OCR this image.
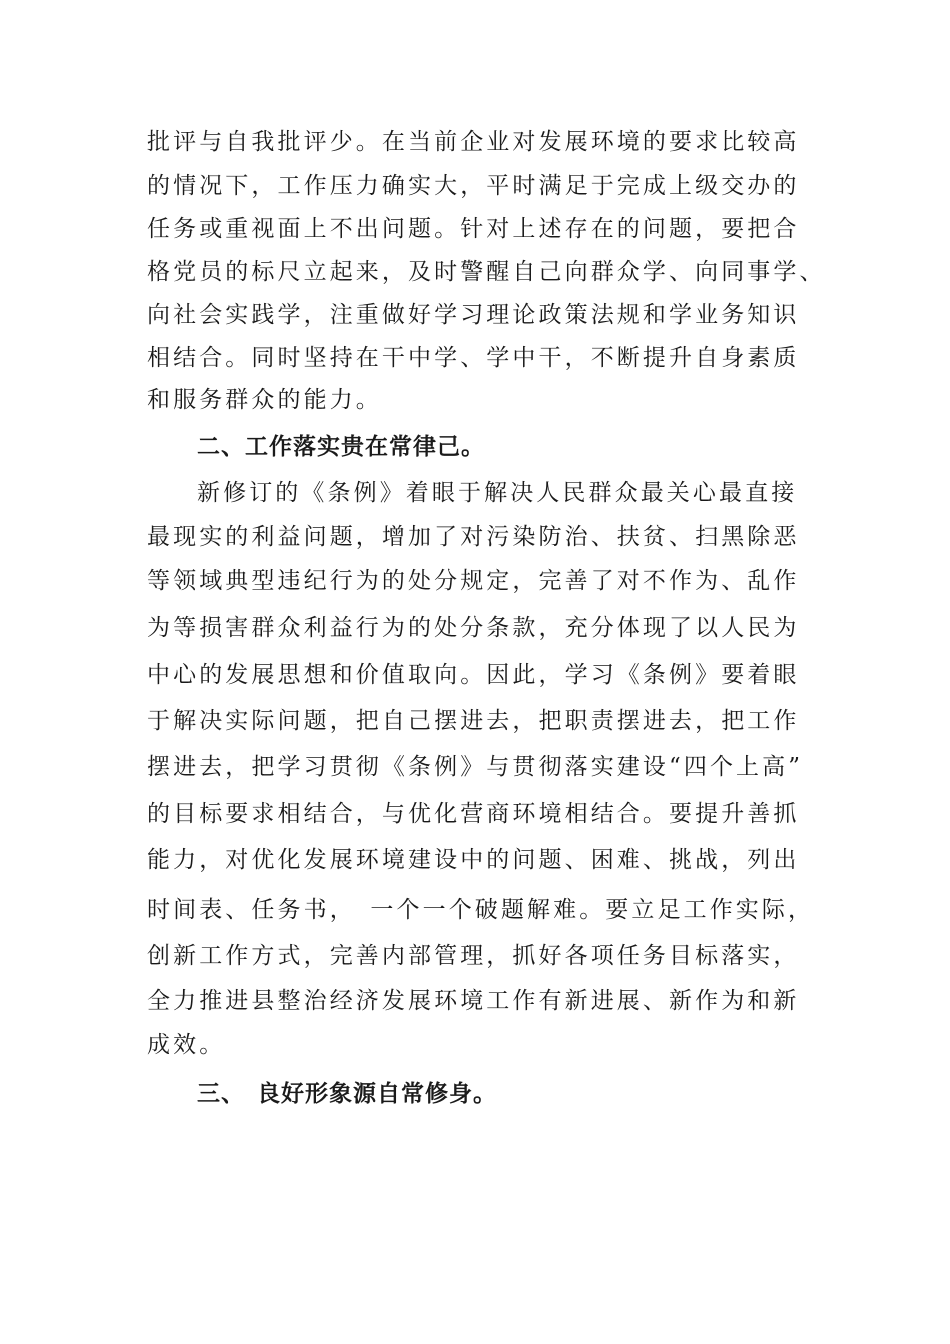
批评与自我批评少。在当前企业对发展环境的要求比较高
的情况下，工作压力确实大，平时满足于完成上级交办的
任务或重视面上不出问题。针对上述存在的问题，要把合
格党员的标尺立起来，及时警醒自己向群众学、向同事学、
向社会实践学，注重做好学习理论政策法规和学业务知识
相结合。同时坚持在干中学、学中干，不断提升自身素质
和服务群众的能力。
二、工作落实贵在常律己。
新修订的《条例》着眼于解决人民群众最关心最直接
最现实的利益问题，增加了对污染防治、扶贫、扫黑除恶
等领域典型违纪行为的处分规定，完善了对不作为、乱作
为等损害群众利益行为的处分条款，充分体现了以人民为
中心的发展思想和价值取向。因此，学习《条例》要着眼
于解决实际问题，把自己摆进去，把职责摆进去，把工作
摆进去，把学习贯彻《条例》与贯彻落实建设“四个上高”
的目标要求相结合，与优化营商环境相结合。要提升善抓
能力，对优化发展环境建设中的问题、困难、挑战，列出
时间表、任务书，　一个一个破题解难。要立足工作实际，
创新工作方式，完善内部管理，抓好各项任务目标落实，
全力推进县整治经济发展环境工作有新进展、新作为和新
成效。
三、 良好形象源自常修身。
